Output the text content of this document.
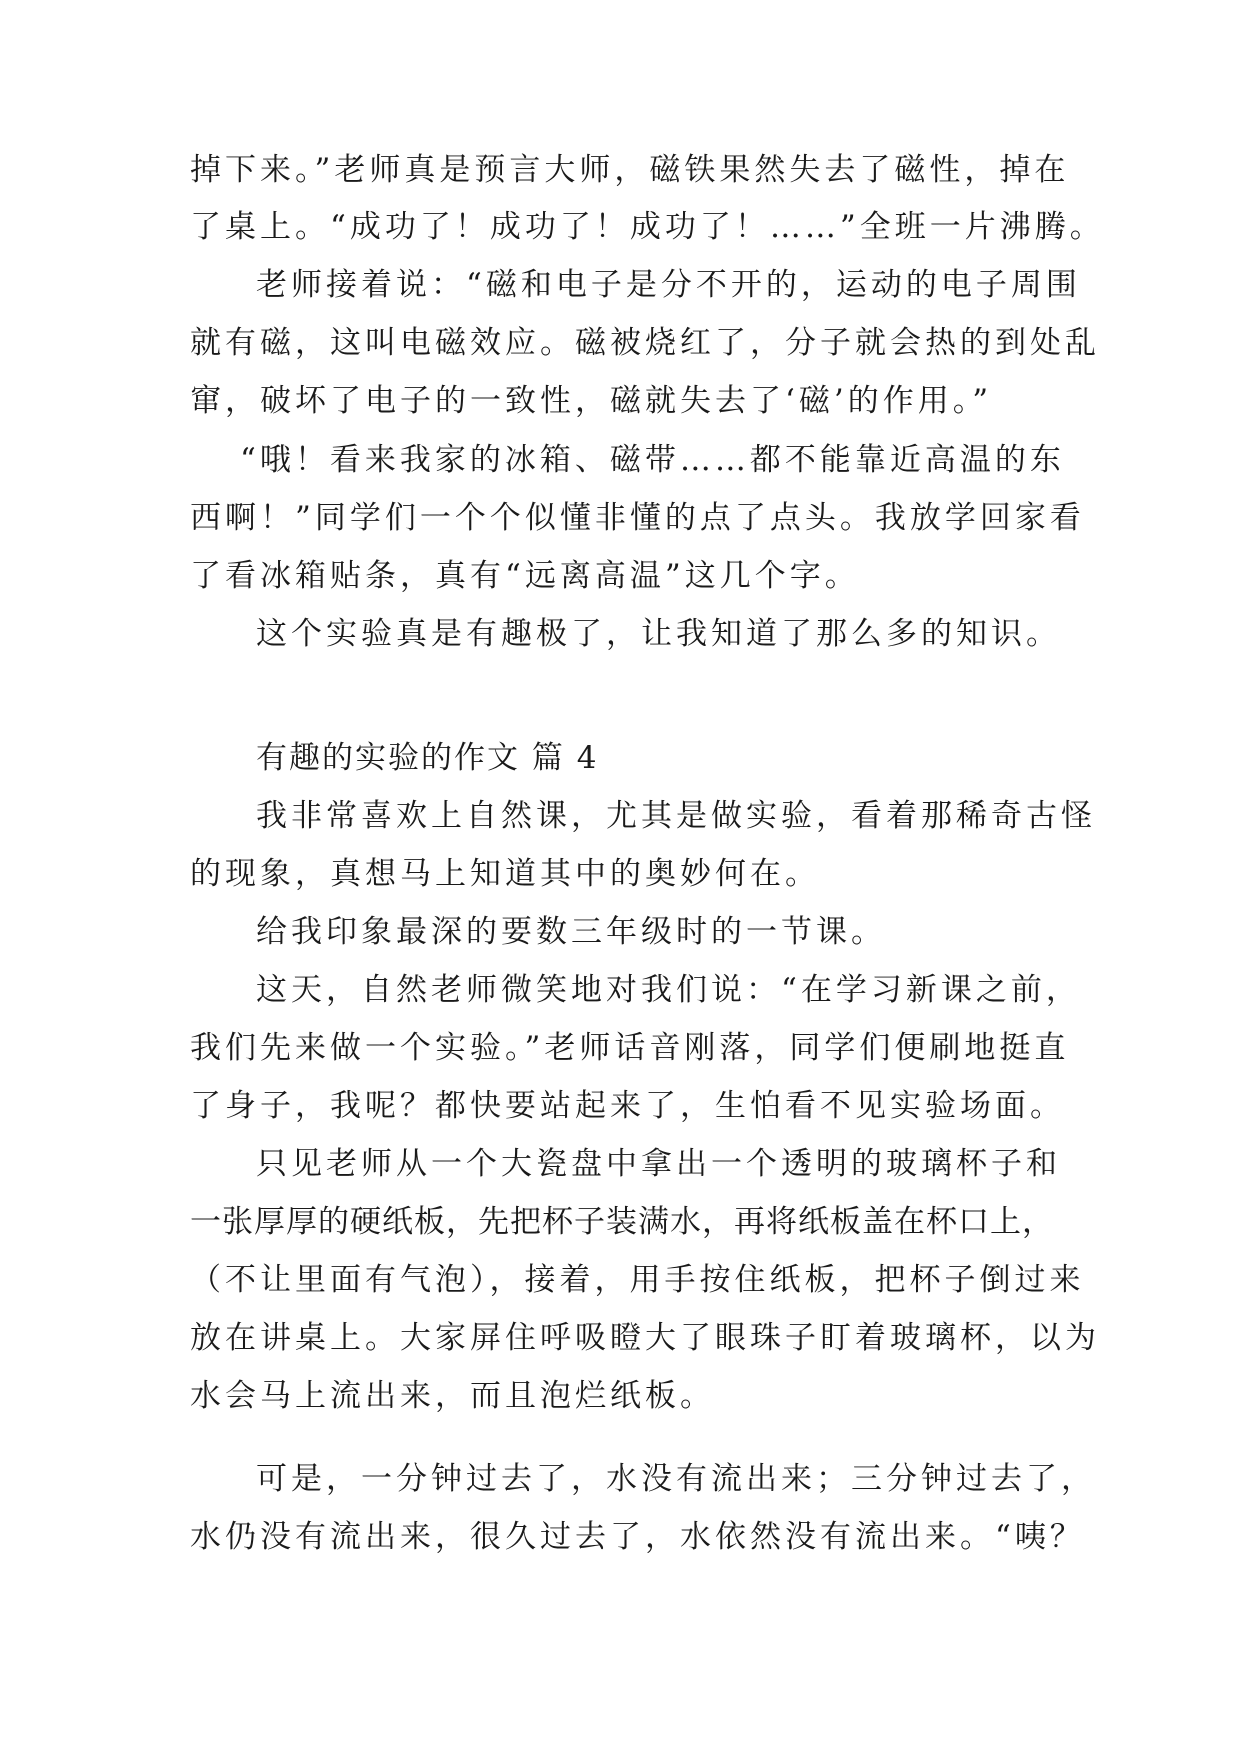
掉下来。”老师真是预言大师，磁铁果然失去了磁性，掉在
了桌上。“成功了！成功了！成功了！……”全班一片沸腾。
老师接着说：“磁和电子是分不开的，运动的电子周围
就有磁，这叫电磁效应。磁被烧红了，分子就会热的到处乱
窜，破坏了电子的一致性，磁就失去了‘磁’的作用。”
“哦！看来我家的冰箱、磁带……都不能靠近高温的东
西啊！”同学们一个个似懂非懂的点了点头。我放学回家看
了看冰箱贴条，真有“远离高温”这几个字。
这个实验真是有趣极了，让我知道了那么多的知识。
有趣的实验的作文 篇 4
我非常喜欢上自然课，尤其是做实验，看着那稀奇古怪
的现象，真想马上知道其中的奥妙何在。
给我印象最深的要数三年级时的一节课。
这天，自然老师微笑地对我们说：“在学习新课之前，
我们先来做一个实验。”老师话音刚落，同学们便刷地挺直
了身子，我呢？都快要站起来了，生怕看不见实验场面。
只见老师从一个大瓷盘中拿出一个透明的玻璃杯子和
一张厚厚的硬纸板，先把杯子装满水，再将纸板盖在杯口上，
（不让里面有气泡），接着，用手按住纸板，把杯子倒过来
放在讲桌上。大家屏住呼吸瞪大了眼珠子盯着玻璃杯，以为
水会马上流出来，而且泡烂纸板。
可是，一分钟过去了，水没有流出来；三分钟过去了，
水仍没有流出来，很久过去了，水依然没有流出来。“咦？
